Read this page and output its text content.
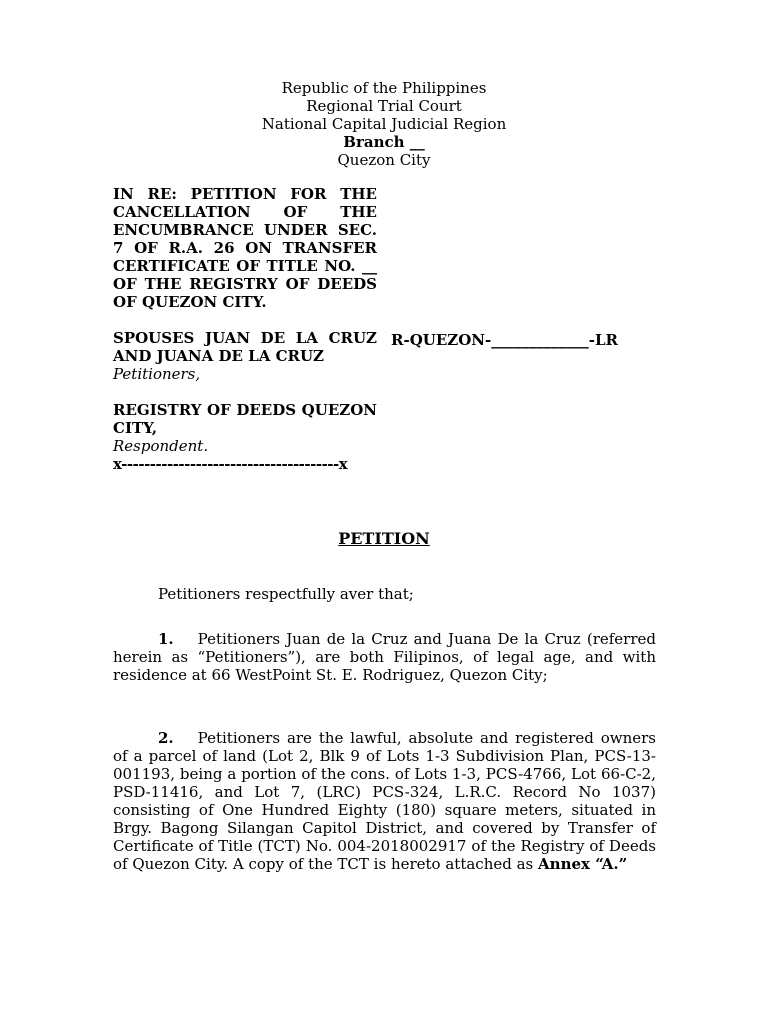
Republic of the Philippines
Regional Trial Court
National Capital Judicial Region
Branch __
Quezon City

IN RE: PETITION FOR THE CANCELLATION OF THE ENCUMBRANCE UNDER SEC. 7 OF R.A. 26 ON TRANSFER CERTIFICATE OF TITLE NO. __ OF THE REGISTRY OF DEEDS OF QUEZON CITY.

SPOUSES JUAN DE LA CRUZ AND JUANA DE LA CRUZ

Petitioners,

REGISTRY OF DEEDS QUEZON CITY,

Respondent.

x--------------------------------------x

R-QUEZON-_____________-LR
PETITION
Petitioners respectfully aver that;
1. Petitioners Juan de la Cruz and Juana De la Cruz (referred herein as “Petitioners”), are both Filipinos, of legal age, and with residence at 66 WestPoint St. E. Rodriguez, Quezon City;
2. Petitioners are the lawful, absolute and registered owners of a parcel of land (Lot 2, Blk 9 of Lots 1-3 Subdivision Plan, PCS-13-001193, being a portion of the cons. of Lots 1-3, PCS-4766, Lot 66-C-2, PSD-11416, and Lot 7, (LRC) PCS-324, L.R.C. Record No 1037) consisting of One Hundred Eighty (180) square meters, situated in Brgy. Bagong Silangan Capitol District, and covered by Transfer of Certificate of Title (TCT) No. 004-2018002917 of the Registry of Deeds of Quezon City. A copy of the TCT is hereto attached as Annex “A.”
